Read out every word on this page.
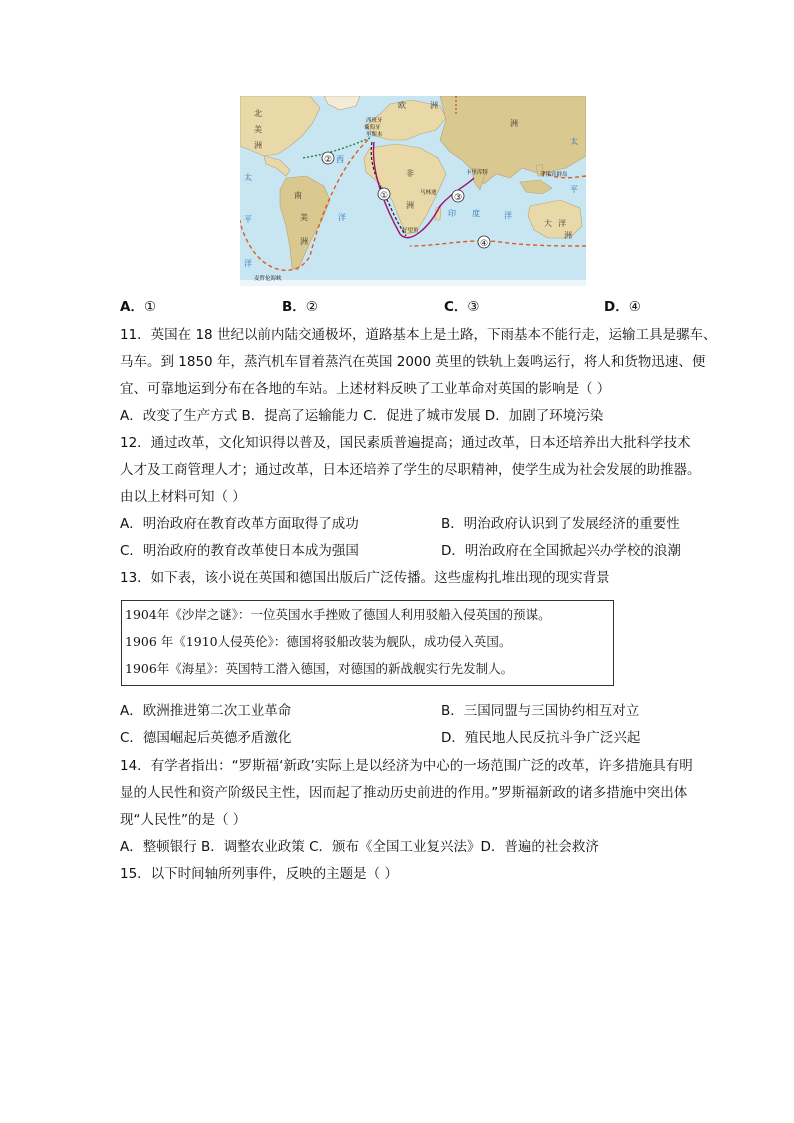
②
①	③
④
北
美
洲
欧	洲
洲
非
洲
南
美
洲
大 洋
洲
太
平
洋
太
平
西
洋	印 度	洋
西班牙
葡萄牙
里斯本
卡里库特
马林迪
好望角
菲律宾群岛
麦哲伦海峡
A．①	B．②	C．③	D．④
11．英国在 18 世纪以前内陆交通极坏，道路基本上是土路，下雨基本不能行走，运输工具是骡车、
马车。到 1850 年，蒸汽机车冒着蒸汽在英国 2000 英里的铁轨上轰鸣运行，将人和货物迅速、便
宜、可靠地运到分布在各地的车站。上述材料反映了工业革命对英国的影响是（ ）
A．改变了生产方式 B．提高了运输能力 C．促进了城市发展 D．加剧了环境污染
12．通过改革，文化知识得以普及，国民素质普遍提高；通过改革，日本还培养出大批科学技术
人才及工商管理人才；通过改革，日本还培养了学生的尽职精神，使学生成为社会发展的助推器。
由以上材料可知（ ）
A．明治政府在教育改革方面取得了成功	B．明治政府认识到了发展经济的重要性
C．明治政府的教育改革使日本成为强国	D．明治政府在全国掀起兴办学校的浪潮
13．如下表，该小说在英国和德国出版后广泛传播。这些虚构扎堆出现的现实背景
1904年《沙岸之谜》：一位英国水手挫败了德国人利用驳船入侵英国的预谋。
1906 年《1910人侵英伦》：德国将驳船改装为舰队，成功侵入英国。
1906年《海星》：英国特工潜入德国，对德国的新战舰实行先发制人。
A．欧洲推进第二次工业革命	B．三国同盟与三国协约相互对立
C．德国崛起后英德矛盾激化	D．殖民地人民反抗斗争广泛兴起
14．有学者指出：“罗斯福‘新政’实际上是以经济为中心的一场范围广泛的改革，许多措施具有明
显的人民性和资产阶级民主性，因而起了推动历史前进的作用。”罗斯福新政的诸多措施中突出体
现“人民性”的是（ ）
A．整顿银行 B．调整农业政策 C．颁布《全国工业复兴法》D．普遍的社会救济
15．以下时间轴所列事件，反映的主题是（ ）
